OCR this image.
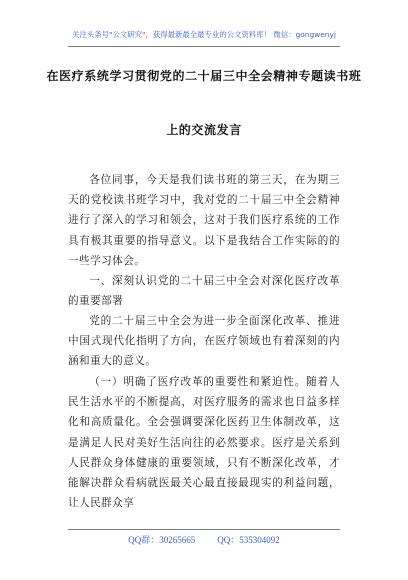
关注头条号"公文研究"，获得最新最全最专业的公文资料库！ 微信：gongwenyj
在医疗系统学习贯彻党的二十届三中全会精神专题读书班
上的交流发言

各位同事，今天是我们读书班的第三天，在为期三天的党校读书班学习中，我对党的二十届三中全会精神进行了深入的学习和领会，这对于我们医疗系统的工作具有极其重要的指导意义。以下是我结合工作实际的的一些学习体会。

一、深刻认识党的二十届三中全会对深化医疗改革的重要部署

党的二十届三中全会为进一步全面深化改革、推进中国式现代化指明了方向，在医疗领域也有着深刻的内涵和重大的意义。

（一）明确了医疗改革的重要性和紧迫性。随着人民生活水平的不断提高，对医疗服务的需求也日益多样化和高质量化。全会强调要深化医药卫生体制改革，这是满足人民对美好生活向往的必然要求。医疗是关系到人民群众身体健康的重要领域，只有不断深化改革，才能解决群众看病就医最关心最直接最现实的利益问题，让人民群众享

QQ群：30265665 QQ：535304092
